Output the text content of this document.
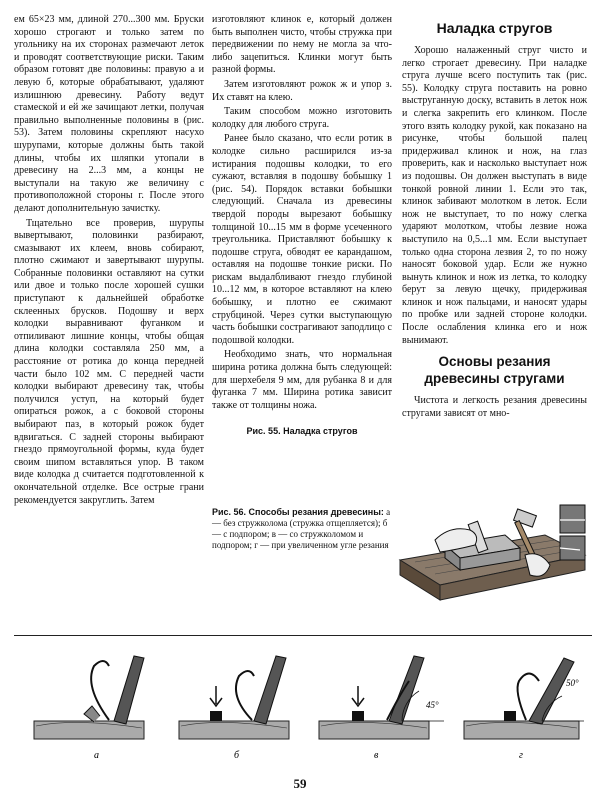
ем 65×23 мм, длиной 270...300 мм. Бруски хорошо строгают и только затем по угольнику на их сторонах размечают леток и проводят соответствующие риски. Таким образом готовят две половины: правую а и левую б, которые обрабатывают, удаляют излишнюю древесину. Работу ведут стамеской и ей же зачищают летки, получая правильно выполненные половины в (рис. 53). Затем половины скрепляют насухо шурупами, которые должны быть такой длины, чтобы их шляпки утопали в древесину на 2...3 мм, а концы не выступали на такую же величину с противоположной стороны г. После этого делают дополнительную зачистку.

Тщательно все проверив, шурупы вывертывают, половинки разбирают, смазывают их клеем, вновь собирают, плотно сжимают и завертывают шурупы. Собранные половинки оставляют на сутки или двое и только после хорошей сушки приступают к дальнейшей обработке склеенных брусков. Подошву и верх колодки выравнивают фуганком и отпиливают лишние концы, чтобы общая длина колодки составляла 250 мм, а расстояние от ротика до конца передней части было 102 мм. С передней части колодки выбирают древесину так, чтобы получился уступ, на который будет опираться рожок, а с боковой стороны выбирают паз, в который рожок будет вдвигаться. С задней стороны выбирают гнездо прямоугольной формы, куда будет своим шипом вставляться упор. В таком виде колодка д считается подготовленной к окончательной отделке. Все острые грани рекомендуется закруглить. Затем

изготовляют клинок е, который должен быть выполнен чисто, чтобы стружка при передвижении по нему не могла за что-либо зацепиться. Клинки могут быть разной формы.

Затем изготовляют рожок ж и упор з. Их ставят на клею.

Таким способом можно изготовить колодку для любого струга.

Ранее было сказано, что если ротик в колодке сильно расширился из-за истирания подошвы колодки, то его сужают, вставляя в подошву бобышку 1 (рис. 54). Порядок вставки бобышки следующий. Сначала из древесины твердой породы вырезают бобышку толщиной 10...15 мм в форме усеченного треугольника. Приставляют бобышку к подошве струга, обводят ее карандашом, оставляя на подошве тонкие риски. По рискам выдалбливают гнездо глубиной 10...12 мм, в которое вставляют на клею бобышку, и плотно ее сжимают струбциной. Через сутки выступающую часть бобышки сострагивают заподлицо с подошвой колодки.

Необходимо знать, что нормальная ширина ротика должна быть следующей: для шерхебеля 9 мм, для рубанка 8 и для фуганка 7 мм. Ширина ротика зависит также от толщины ножа.

Рис. 55. Наладка стругов
Рис. 56. Способы резания древесины: а — без стружколома (стружка отщепляется); б — с подпором; в — со стружколомом и подпором; г — при увеличенном угле резания
Наладка стругов

Хорошо налаженный струг чисто и легко строгает древесину. При наладке струга лучше всего поступить так (рис. 55). Колодку струга поставить на ровно выструганную доску, вставить в леток нож и слегка закрепить его клинком. После этого взять колодку рукой, как показано на рисунке, чтобы большой палец придерживал клинок и нож, на глаз проверить, как и насколько выступает нож из подошвы. Он должен выступать в виде тонкой ровной линии 1. Если это так, клинок забивают молотком в леток. Если нож не выступает, то по ножу слегка ударяют молотком, чтобы лезвие ножа выступило на 0,5...1 мм. Если выступает только одна сторона лезвия 2, то по ножу наносят боковой удар. Если же нужно вынуть клинок и нож из летка, то колодку берут за левую щечку, придерживая клинок и нож пальцами, и наносят удары по пробке или задней стороне колодки. После ослабления клинка его и нож вынимают.

Основы резания древесины стругами

Чистота и легкость резания древесины стругами зависят от мно-

а	б	в	г
45°
50°
59
